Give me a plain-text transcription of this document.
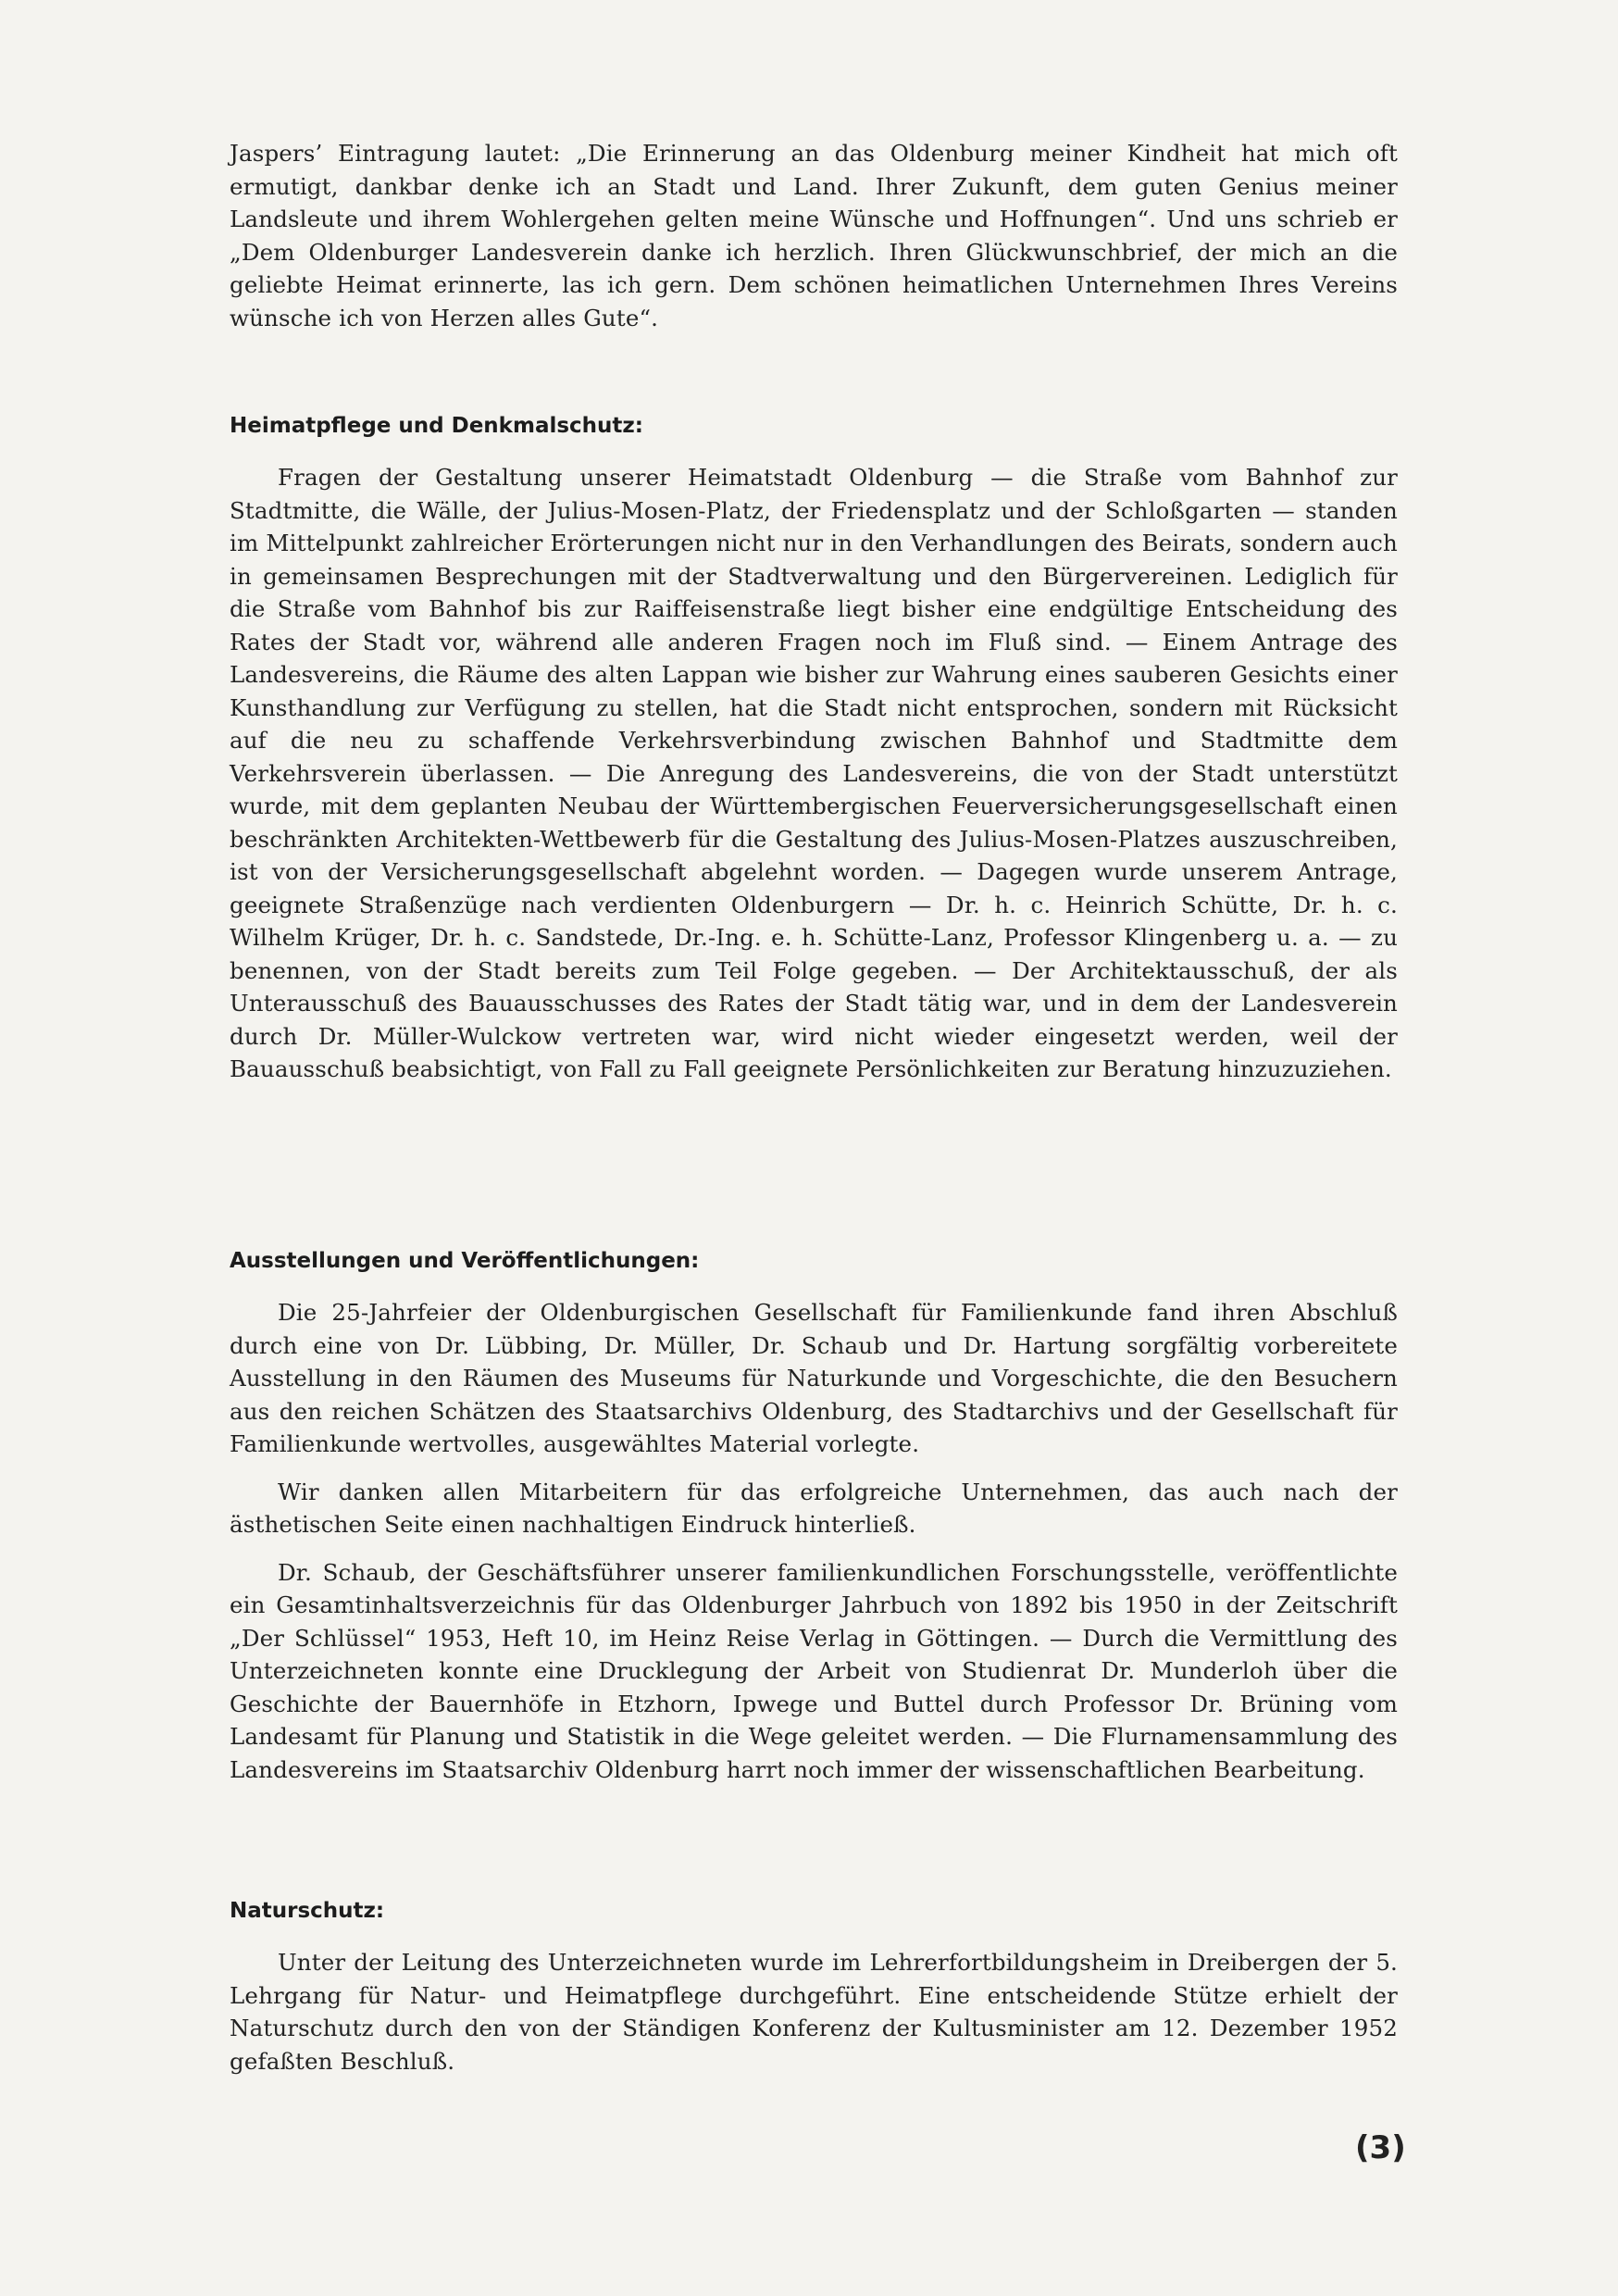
Jaspers’ Eintragung lautet: „Die Erinnerung an das Oldenburg meiner Kindheit hat mich oft ermutigt, dankbar denke ich an Stadt und Land. Ihrer Zukunft, dem guten Genius meiner Landsleute und ihrem Wohlergehen gelten meine Wünsche und Hoffnungen“. Und uns schrieb er „Dem Oldenburger Landesverein danke ich herzlich. Ihren Glückwunschbrief, der mich an die geliebte Heimat erinnerte, las ich gern. Dem schönen heimatlichen Unternehmen Ihres Vereins wünsche ich von Herzen alles Gute“.

Heimatpflege und Denkmalschutz:

Fragen der Gestaltung unserer Heimatstadt Oldenburg — die Straße vom Bahnhof zur Stadtmitte, die Wälle, der Julius-Mosen-Platz, der Friedensplatz und der Schloßgarten — standen im Mittelpunkt zahlreicher Erörterungen nicht nur in den Verhandlungen des Beirats, sondern auch in gemeinsamen Besprechungen mit der Stadtverwaltung und den Bürgervereinen. Lediglich für die Straße vom Bahnhof bis zur Raiffeisenstraße liegt bisher eine endgültige Entscheidung des Rates der Stadt vor, während alle anderen Fragen noch im Fluß sind. — Einem Antrage des Landesvereins, die Räume des alten Lappan wie bisher zur Wahrung eines sauberen Gesichts einer Kunsthandlung zur Verfügung zu stellen, hat die Stadt nicht entsprochen, sondern mit Rücksicht auf die neu zu schaffende Verkehrsverbindung zwischen Bahnhof und Stadtmitte dem Verkehrsverein überlassen. — Die Anregung des Landesvereins, die von der Stadt unterstützt wurde, mit dem geplanten Neubau der Württembergischen Feuerversicherungsgesellschaft einen beschränkten Architekten-Wettbewerb für die Gestaltung des Julius-Mosen-Platzes auszuschreiben, ist von der Versicherungsgesellschaft abgelehnt worden. — Dagegen wurde unserem Antrage, geeignete Straßenzüge nach verdienten Oldenburgern — Dr. h. c. Heinrich Schütte, Dr. h. c. Wilhelm Krüger, Dr. h. c. Sandstede, Dr.-Ing. e. h. Schütte-Lanz, Professor Klingenberg u. a. — zu benennen, von der Stadt bereits zum Teil Folge gegeben. — Der Architektausschuß, der als Unterausschuß des Bauausschusses des Rates der Stadt tätig war, und in dem der Landesverein durch Dr. Müller-Wulckow vertreten war, wird nicht wieder eingesetzt werden, weil der Bauausschuß beabsichtigt, von Fall zu Fall geeignete Persönlichkeiten zur Beratung hinzuzuziehen.

Ausstellungen und Veröffentlichungen:

Die 25-Jahrfeier der Oldenburgischen Gesellschaft für Familienkunde fand ihren Abschluß durch eine von Dr. Lübbing, Dr. Müller, Dr. Schaub und Dr. Hartung sorgfältig vorbereitete Ausstellung in den Räumen des Museums für Naturkunde und Vorgeschichte, die den Besuchern aus den reichen Schätzen des Staatsarchivs Oldenburg, des Stadtarchivs und der Gesellschaft für Familienkunde wertvolles, ausgewähltes Material vorlegte.

Wir danken allen Mitarbeitern für das erfolgreiche Unternehmen, das auch nach der ästhetischen Seite einen nachhaltigen Eindruck hinterließ.

Dr. Schaub, der Geschäftsführer unserer familienkundlichen Forschungsstelle, veröffentlichte ein Gesamtinhaltsverzeichnis für das Oldenburger Jahrbuch von 1892 bis 1950 in der Zeitschrift „Der Schlüssel“ 1953, Heft 10, im Heinz Reise Verlag in Göttingen. — Durch die Vermittlung des Unterzeichneten konnte eine Drucklegung der Arbeit von Studienrat Dr. Munderloh über die Geschichte der Bauernhöfe in Etzhorn, Ipwege und Buttel durch Professor Dr. Brüning vom Landesamt für Planung und Statistik in die Wege geleitet werden. — Die Flurnamensammlung des Landesvereins im Staatsarchiv Oldenburg harrt noch immer der wissenschaftlichen Bearbeitung.

Naturschutz:

Unter der Leitung des Unterzeichneten wurde im Lehrerfortbildungsheim in Dreibergen der 5. Lehrgang für Natur- und Heimatpflege durchgeführt. Eine entscheidende Stütze erhielt der Naturschutz durch den von der Ständigen Konferenz der Kultusminister am 12. Dezember 1952 gefaßten Beschluß.

(3)
